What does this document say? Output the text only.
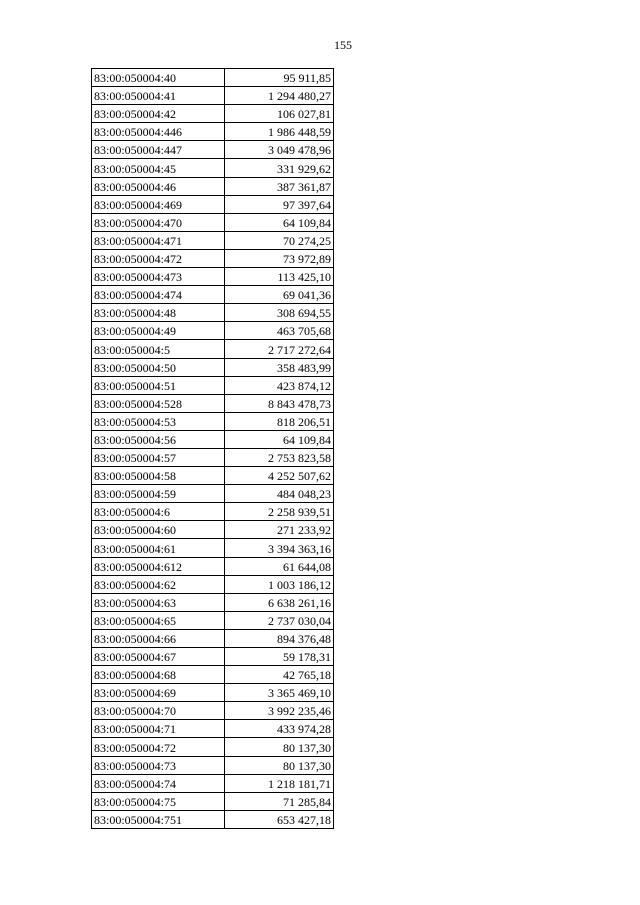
155
83:00:050004:40	95 911,85
83:00:050004:41	1 294 480,27
83:00:050004:42	106 027,81
83:00:050004:446	1 986 448,59
83:00:050004:447	3 049 478,96
83:00:050004:45	331 929,62
83:00:050004:46	387 361,87
83:00:050004:469	97 397,64
83:00:050004:470	64 109,84
83:00:050004:471	70 274,25
83:00:050004:472	73 972,89
83:00:050004:473	113 425,10
83:00:050004:474	69 041,36
83:00:050004:48	308 694,55
83:00:050004:49	463 705,68
83:00:050004:5	2 717 272,64
83:00:050004:50	358 483,99
83:00:050004:51	423 874,12
83:00:050004:528	8 843 478,73
83:00:050004:53	818 206,51
83:00:050004:56	64 109,84
83:00:050004:57	2 753 823,58
83:00:050004:58	4 252 507,62
83:00:050004:59	484 048,23
83:00:050004:6	2 258 939,51
83:00:050004:60	271 233,92
83:00:050004:61	3 394 363,16
83:00:050004:612	61 644,08
83:00:050004:62	1 003 186,12
83:00:050004:63	6 638 261,16
83:00:050004:65	2 737 030,04
83:00:050004:66	894 376,48
83:00:050004:67	59 178,31
83:00:050004:68	42 765,18
83:00:050004:69	3 365 469,10
83:00:050004:70	3 992 235,46
83:00:050004:71	433 974,28
83:00:050004:72	80 137,30
83:00:050004:73	80 137,30
83:00:050004:74	1 218 181,71
83:00:050004:75	71 285,84
83:00:050004:751	653 427,18
